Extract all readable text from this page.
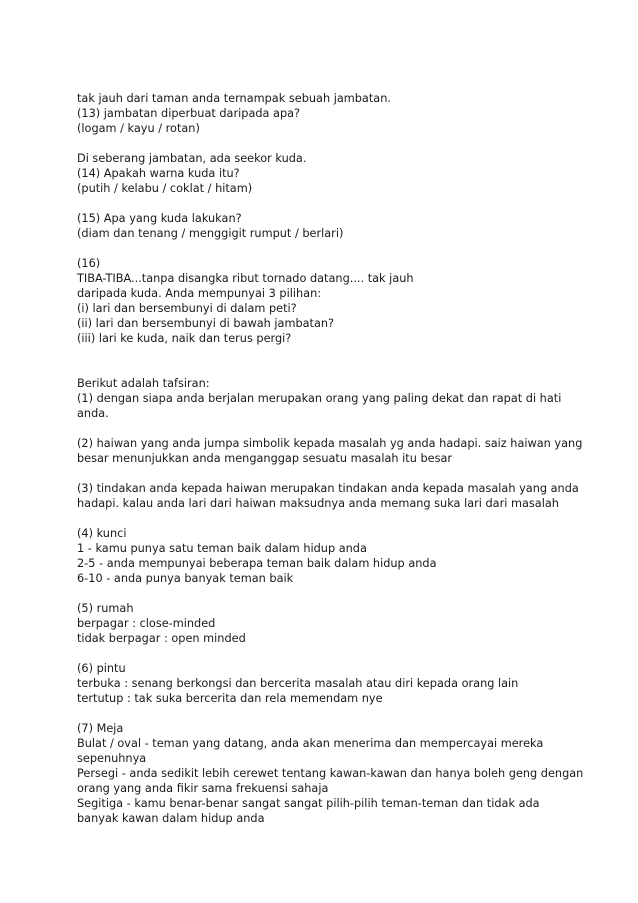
tak jauh dari taman anda ternampak sebuah jambatan.
(13) jambatan diperbuat daripada apa?
(logam / kayu / rotan)
Di seberang jambatan, ada seekor kuda.
(14) Apakah warna kuda itu?
(putih / kelabu / coklat / hitam)
(15) Apa yang kuda lakukan?
(diam dan tenang / menggigit rumput / berlari)
(16)
TIBA-TIBA...tanpa disangka ribut tornado datang.... tak jauh
daripada kuda. Anda mempunyai 3 pilihan:
(i) lari dan bersembunyi di dalam peti?
(ii) lari dan bersembunyi di bawah jambatan?
(iii) lari ke kuda, naik dan terus pergi?
Berikut adalah tafsiran:
(1) dengan siapa anda berjalan merupakan orang yang paling dekat dan rapat di hati
anda.
(2) haiwan yang anda jumpa simbolik kepada masalah yg anda hadapi. saiz haiwan yang
besar menunjukkan anda menganggap sesuatu masalah itu besar
(3) tindakan anda kepada haiwan merupakan tindakan anda kepada masalah yang anda
hadapi. kalau anda lari dari haiwan maksudnya anda memang suka lari dari masalah
(4) kunci
1 - kamu punya satu teman baik dalam hidup anda
2-5 - anda mempunyai beberapa teman baik dalam hidup anda
6-10 - anda punya banyak teman baik
(5) rumah
berpagar : close-minded
tidak berpagar : open minded
(6) pintu
terbuka : senang berkongsi dan bercerita masalah atau diri kepada orang lain
tertutup : tak suka bercerita dan rela memendam nye
(7) Meja
Bulat / oval - teman yang datang, anda akan menerima dan mempercayai mereka
sepenuhnya
Persegi - anda sedikit lebih cerewet tentang kawan-kawan dan hanya boleh geng dengan
orang yang anda fikir sama frekuensi sahaja
Segitiga - kamu benar-benar sangat sangat pilih-pilih teman-teman dan tidak ada
banyak kawan dalam hidup anda
